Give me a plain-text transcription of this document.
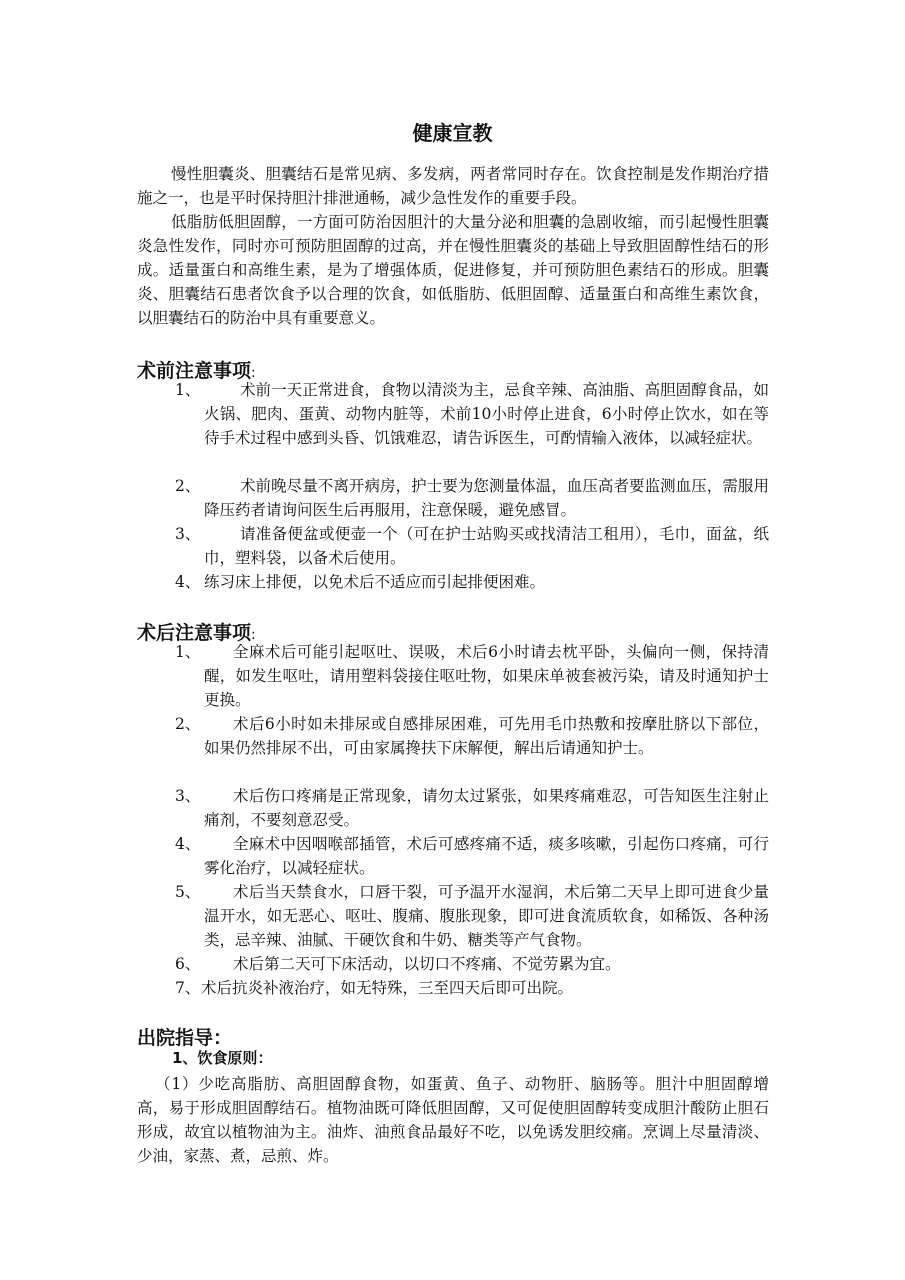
健康宣教
慢性胆囊炎、胆囊结石是常见病、多发病，两者常同时存在。饮食控制是发作期治疗措施之一，也是平时保持胆汁排泄通畅，减少急性发作的重要手段。
低脂肪低胆固醇，一方面可防治因胆汁的大量分泌和胆囊的急剧收缩，而引起慢性胆囊炎急性发作，同时亦可预防胆固醇的过高，并在慢性胆囊炎的基础上导致胆固醇性结石的形成。适量蛋白和高维生素，是为了增强体质，促进修复，并可预防胆色素结石的形成。胆囊炎、胆囊结石患者饮食予以合理的饮食，如低脂肪、低胆固醇、适量蛋白和高维生素饮食，以胆囊结石的防治中具有重要意义。
术前注意事项:
1、	术前一天正常进食，食物以清淡为主，忌食辛辣、高油脂、高胆固醇食品，如火锅、肥肉、蛋黄、动物内脏等，术前10小时停止进食，6小时停止饮水，如在等待手术过程中感到头昏、饥饿难忍，请告诉医生，可酌情输入液体，以减轻症状。
2、	术前晚尽量不离开病房，护士要为您测量体温，血压高者要监测血压，需服用降压药者请询问医生后再服用，注意保暖，避免感冒。
3、	请准备便盆或便壶一个（可在护士站购买或找清洁工租用），毛巾，面盆，纸巾，塑料袋，以备术后使用。
4、 练习床上排便，以免术后不适应而引起排便困难。
术后注意事项:
1、	全麻术后可能引起呕吐、误吸，术后6小时请去枕平卧，头偏向一侧，保持清醒，如发生呕吐，请用塑料袋接住呕吐物，如果床单被套被污染，请及时通知护士更换。
2、	术后6小时如未排尿或自感排尿困难，可先用毛巾热敷和按摩肚脐以下部位，如果仍然排尿不出，可由家属搀扶下床解便，解出后请通知护士。
3、	术后伤口疼痛是正常现象，请勿太过紧张，如果疼痛难忍，可告知医生注射止痛剂，不要刻意忍受。
4、	全麻术中因咽喉部插管，术后可感疼痛不适，痰多咳嗽，引起伤口疼痛，可行雾化治疗，以减轻症状。
5、	术后当天禁食水，口唇干裂，可予温开水湿润，术后第二天早上即可进食少量温开水，如无恶心、呕吐、腹痛、腹胀现象，即可进食流质软食，如稀饭、各种汤类，忌辛辣、油腻、干硬饮食和牛奶、糖类等产气食物。
6、	术后第二天可下床活动，以切口不疼痛、不觉劳累为宜。
7、 术后抗炎补液治疗，如无特殊，三至四天后即可出院。
出院指导：
1、饮食原则：
（1）少吃高脂肪、高胆固醇食物，如蛋黄、鱼子、动物肝、脑肠等。胆汁中胆固醇增高，易于形成胆固醇结石。植物油既可降低胆固醇，又可促使胆固醇转变成胆汁酸防止胆石形成，故宜以植物油为主。油炸、油煎食品最好不吃，以免诱发胆绞痛。烹调上尽量清淡、少油，家蒸、煮，忌煎、炸。
